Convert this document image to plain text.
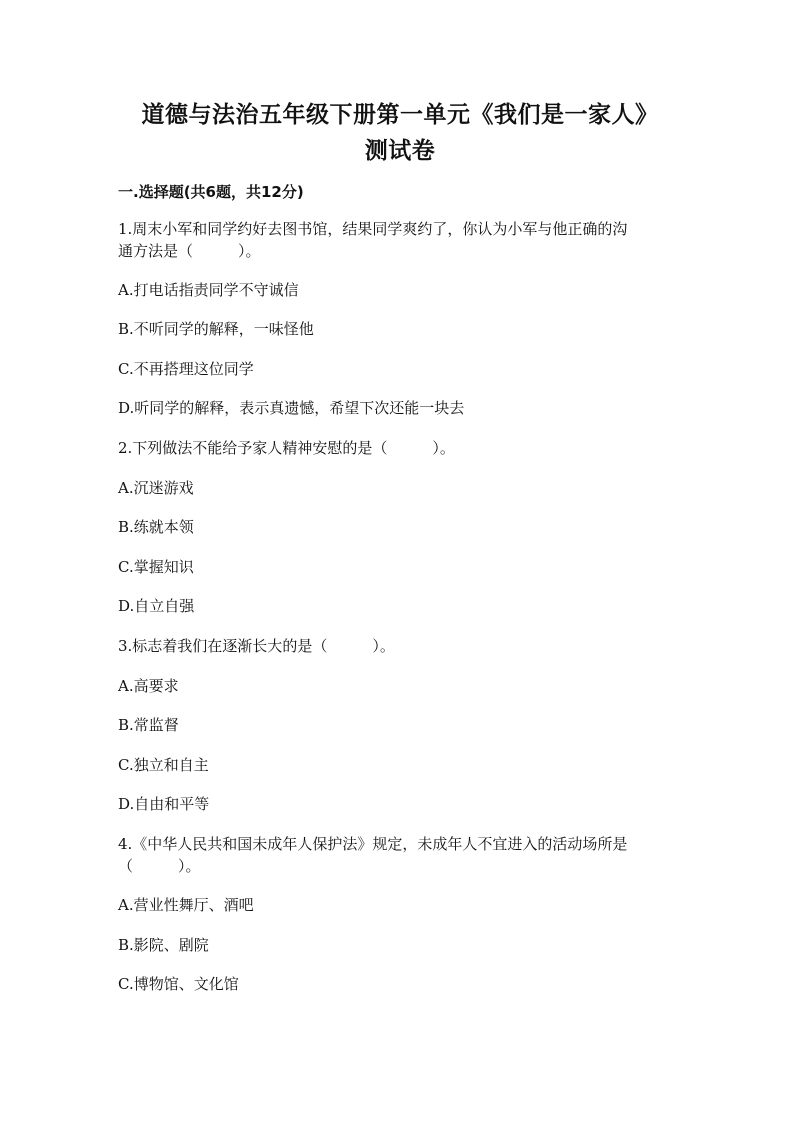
道德与法治五年级下册第一单元《我们是一家人》
测试卷
一.选择题(共6题，共12分)
1.周末小军和同学约好去图书馆，结果同学爽约了，你认为小军与他正确的沟
通方法是（　　　）。
A.打电话指责同学不守诚信
B.不听同学的解释，一味怪他
C.不再搭理这位同学
D.听同学的解释，表示真遗憾，希望下次还能一块去
2.下列做法不能给予家人精神安慰的是（　　　）。
A.沉迷游戏
B.练就本领
C.掌握知识
D.自立自强
3.标志着我们在逐渐长大的是（　　　）。
A.高要求
B.常监督
C.独立和自主
D.自由和平等
4.《中华人民共和国未成年人保护法》规定，未成年人不宜进入的活动场所是
（　　　）。
A.营业性舞厅、酒吧
B.影院、剧院
C.博物馆、文化馆
